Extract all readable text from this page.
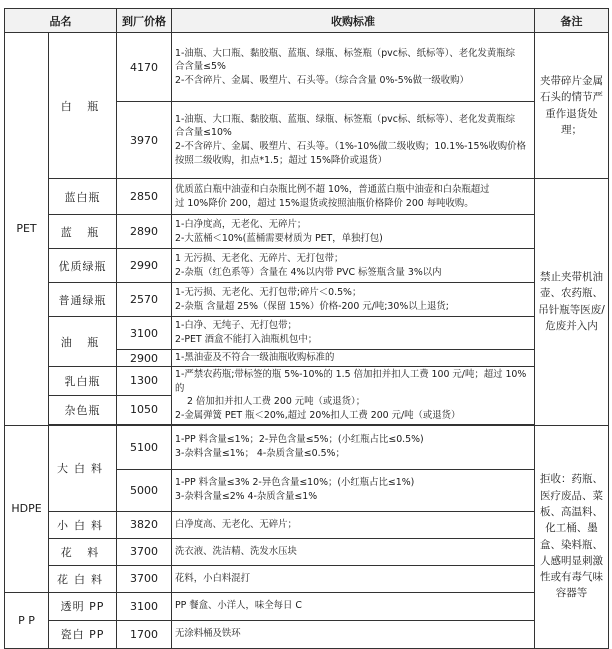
品名		到厂价格	收购标准	备注
PET	白 瓶	4170	1-油瓶、大口瓶、黏胶瓶、蓝瓶、绿瓶、标签瓶（pvc标、纸标等）、老化发黄瓶综
合含量≤5%
2-不含碎片、金属、吸塑片、石头等。（综合含量 0%-5%做一级收购）	夹带碎片金属石头的情节严重作退货处理；
		3970	1-油瓶、大口瓶、黏胶瓶、蓝瓶、绿瓶、标签瓶（pvc标、纸标等）、老化发黄瓶综
合含量≤10%
2-不含碎片、金属、吸塑片、石头等。（1%-10%做二级收购；10.1%-15%收购价格
按照二级收购，扣点*1.5；超过 15%降价或退货）	

	蓝白瓶	2850	优质蓝白瓶中油壶和白杂瓶比例不超 10%，普通蓝白瓶中油壶和白杂瓶超过
过 10%降价 200，超过 15%退货或按照油瓶价格降价 200 每吨收购。	禁止夹带机油壶、农药瓶、吊针瓶等医废/危废并入内
	蓝 瓶	2890	1-白净度高，无老化、无碎片；
2-大蓝桶＜10%(蓝桶需要材质为 PET，单独打包)	

	优质绿瓶	2990	1 无污损、无老化、无碎片、无打包带；
2-杂瓶（红色系等）含量在 4%以内带 PVC 标签瓶含量 3%以内	

	普通绿瓶	2570	1-无污损、无老化、无打包带;碎片＜0.5%；
2-杂瓶 含量超 25%（保留 15%）价格-200 元/吨;30%以上退货;	

	油 瓶	3100	1-白净、无纯子、无打包带；
2-PET 酒盒不能打入油瓶机包中；	

		2900	1-黑油壶及不符合一级油瓶收购标准的	

	乳白瓶	1300	1-严禁农药瓶;带标签的瓶 5%-10%的 1.5 倍加扣并扣人工费 100 元/吨；超过 10%的
2 倍加扣并扣人工费 200 元吨（或退货）；
2-金属弹簧 PET 瓶＜20%,超过 20%扣人工费 200 元/吨（或退货）	

	杂色瓶	1050		

HDPE	大白料	5100	1-PP 料含量≤1%；2-异色含量≤5%；(小红瓶占比≤0.5%)
3-杂料含量≤1%； 4-杂质含量≤0.5%；	拒收：药瓶、医疗废品、菜板、高温料、化工桶、墨盒、染料瓶、人感明显刺激性或有毒气味容器等
		5000	1-PP 料含量≤3% 2-异色含量≤10%；(小红瓶占比≤1%)
3-杂料含量≤2% 4-杂质含量≤1%	

	小白料	3820	白净度高、无老化、无碎片；	

	花 料	3700	洗衣液、洗洁精、洗发水压块	

	花白料	3700	花料，小白料混打	

P P	透明 PP	3100	PP 餐盒、小洋人，味全每日 C	

	瓷白 PP	1700	无涂料桶及铁环	
